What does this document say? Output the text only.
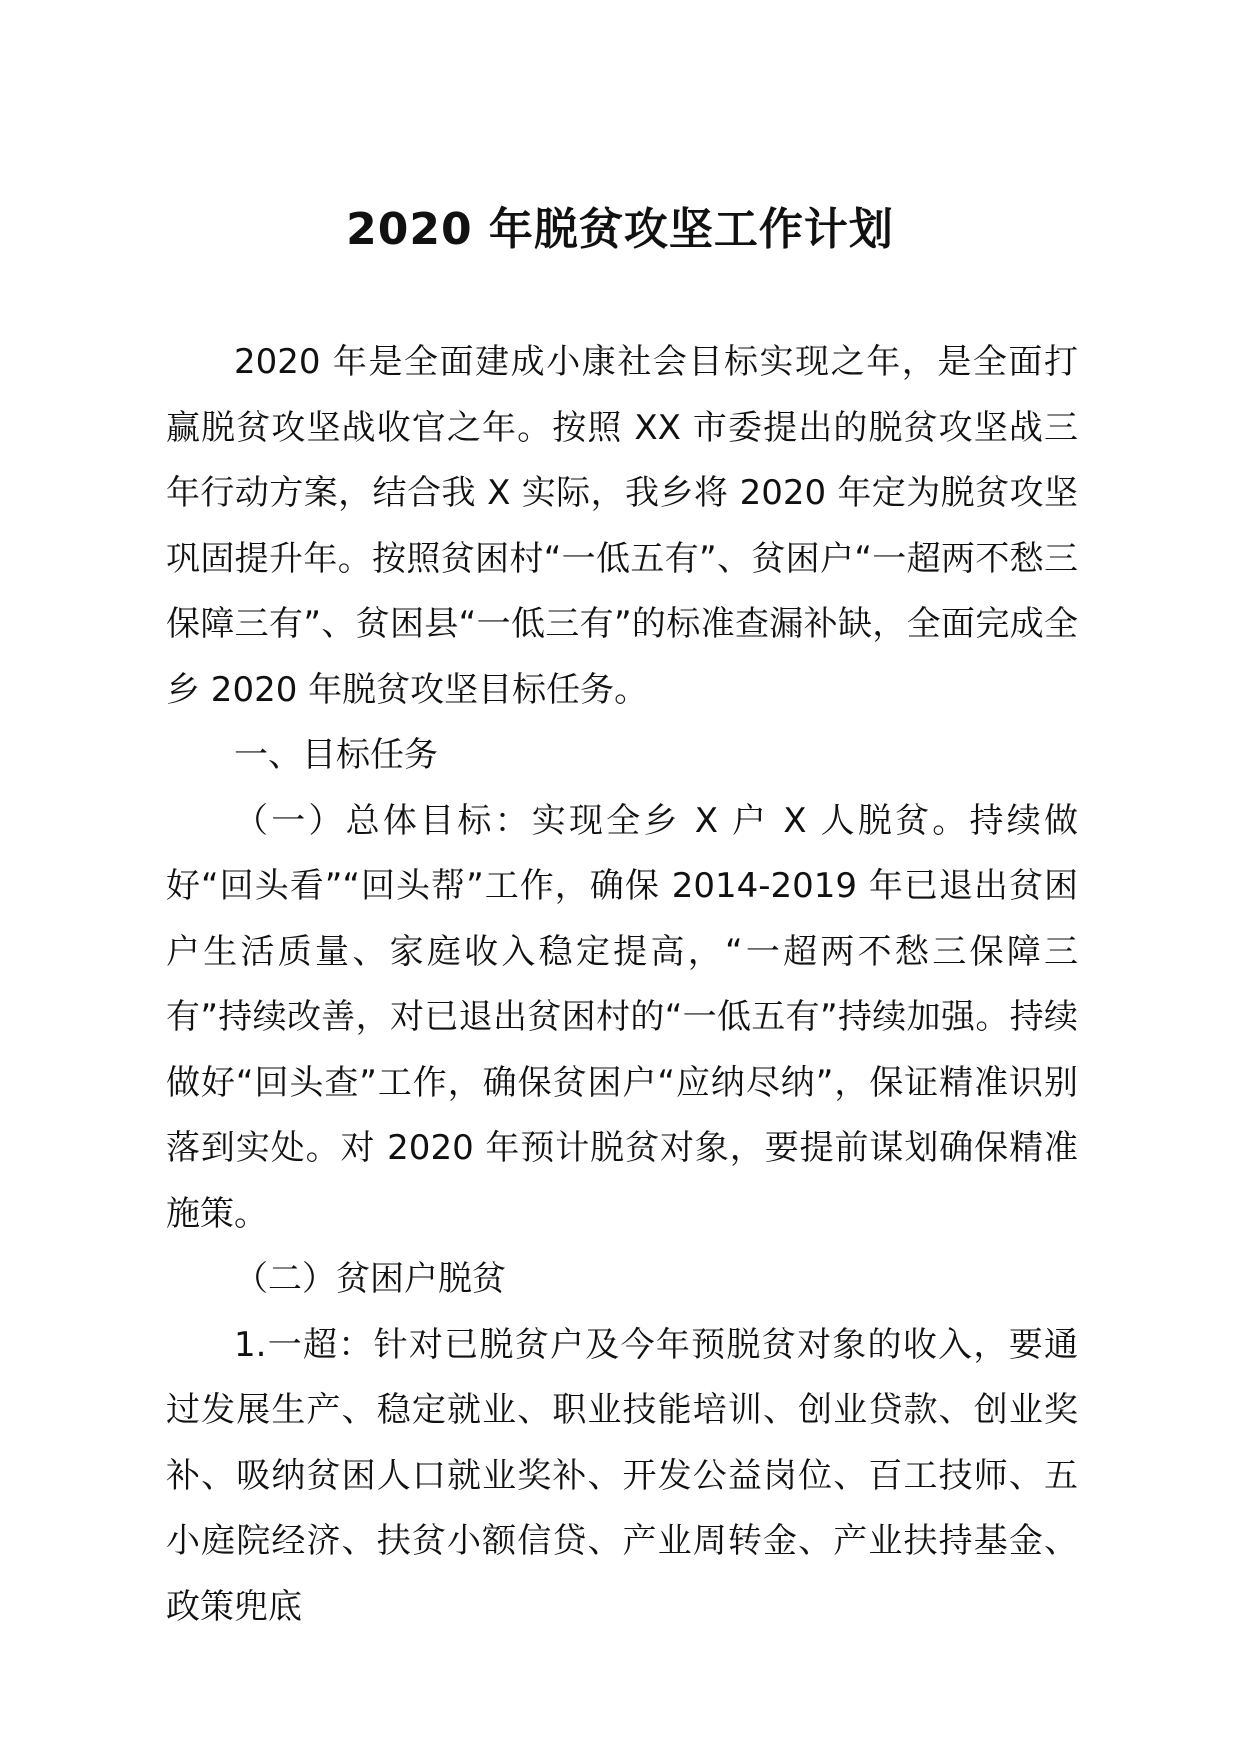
2020 年脱贫攻坚工作计划

2020 年是全面建成小康社会目标实现之年，是全面打赢脱贫攻坚战收官之年。按照 XX 市委提出的脱贫攻坚战三年行动方案，结合我 X 实际，我乡将 2020 年定为脱贫攻坚巩固提升年。按照贫困村“一低五有”、贫困户“一超两不愁三保障三有”、贫困县“一低三有”的标准查漏补缺，全面完成全乡 2020 年脱贫攻坚目标任务。

一、目标任务

（一）总体目标：实现全乡 X 户 X 人脱贫。持续做好“回头看”“回头帮”工作，确保 2014-2019 年已退出贫困户生活质量、家庭收入稳定提高，“一超两不愁三保障三有”持续改善，对已退出贫困村的“一低五有”持续加强。持续做好“回头查”工作，确保贫困户“应纳尽纳”，保证精准识别落到实处。对 2020 年预计脱贫对象，要提前谋划确保精准施策。

（二）贫困户脱贫

1.一超：针对已脱贫户及今年预脱贫对象的收入，要通过发展生产、稳定就业、职业技能培训、创业贷款、创业奖补、吸纳贫困人口就业奖补、开发公益岗位、百工技师、五小庭院经济、扶贫小额信贷、产业周转金、产业扶持基金、政策兜底
